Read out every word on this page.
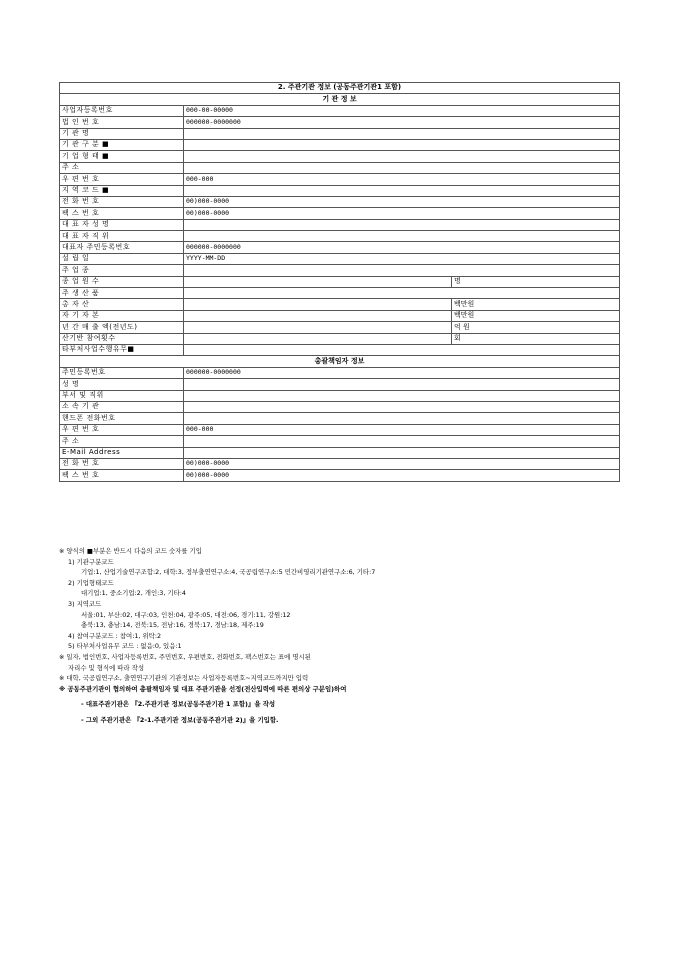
2. 주관기관 정보 (공동주관기관1 포함)		
기 관 정 보		
사업자등록번호	000-00-00000	
법 인 번 호	000000-0000000	
기 관 명		
기 관 구 분 ■		
기 업 형 태 ■		
주 소		
우 편 번 호	000-000	
지 역 코 드 ■		
전 화 번 호	00)000-0000	
팩 스 번 호	00)000-0000	
대 표 자 성 명		
대 표 자 직 위		
대표자 주민등록번호	000000-0000000	
설 립 일	YYYY-MM-DD	
주 업 종		
종 업 원 수		명
주 생 산 품		
총 자 산		백만원
자 기 자 본		백만원
년 간 매 출 액(전년도)		억 원
산기반 참여횟수		회
타부처사업수행유무■		
총괄책임자 정보		
주민등록번호	000000-0000000	
성 명		
부서 및 직위		
소 속 기 관		
핸드폰 전화번호		
우 편 번 호	000-000	
주 소		
E-Mail Address		
전 화 번 호	00)000-0000	
팩 스 번 호	00)000-0000	
※ 양식의 ■부분은 반드시 다음의 코드 숫자를 기입
1) 기관구분코드
기업:1, 산업기술연구조합:2, 대학:3, 정부출연연구소:4, 국공립연구소:5 민간비영리기관연구소:6, 기타:7
2) 기업형태코드
대기업:1, 중소기업:2, 개인:3, 기타:4
3) 지역코드
서울:01, 부산:02, 대구:03, 인천:04, 광주:05, 대전:06, 경기:11, 강원:12
충북:13, 충남:14, 전북:15, 전남:16, 경북:17, 경남:18, 제주:19
4) 참여구분코드 : 참여:1, 위탁:2
5) 타부처사업유무 코드 : 없음:0, 있음:1
※ 일자, 법인번호, 사업자등록번호, 주민번호, 우편번호, 전화번호, 팩스번호는 표에 명시된
자리수 및 형식에 따라 작성
※ 대학, 국공립연구소, 출연연구기관의 기관정보는 사업자등록번호~지역코드까지만 입력
※ 공동주관기관이 협의하여 총괄책임자 및 대표 주관기관을 선정(전산입력에 따른 편의상 구분임)하여
- 대표주관기관은 『2.주관기관 정보(공동주관기관 1 포함)』을 작성
- 그외 주관기관은 『2-1.주관기관 정보(공동주관기관 2)』을 기입함.
